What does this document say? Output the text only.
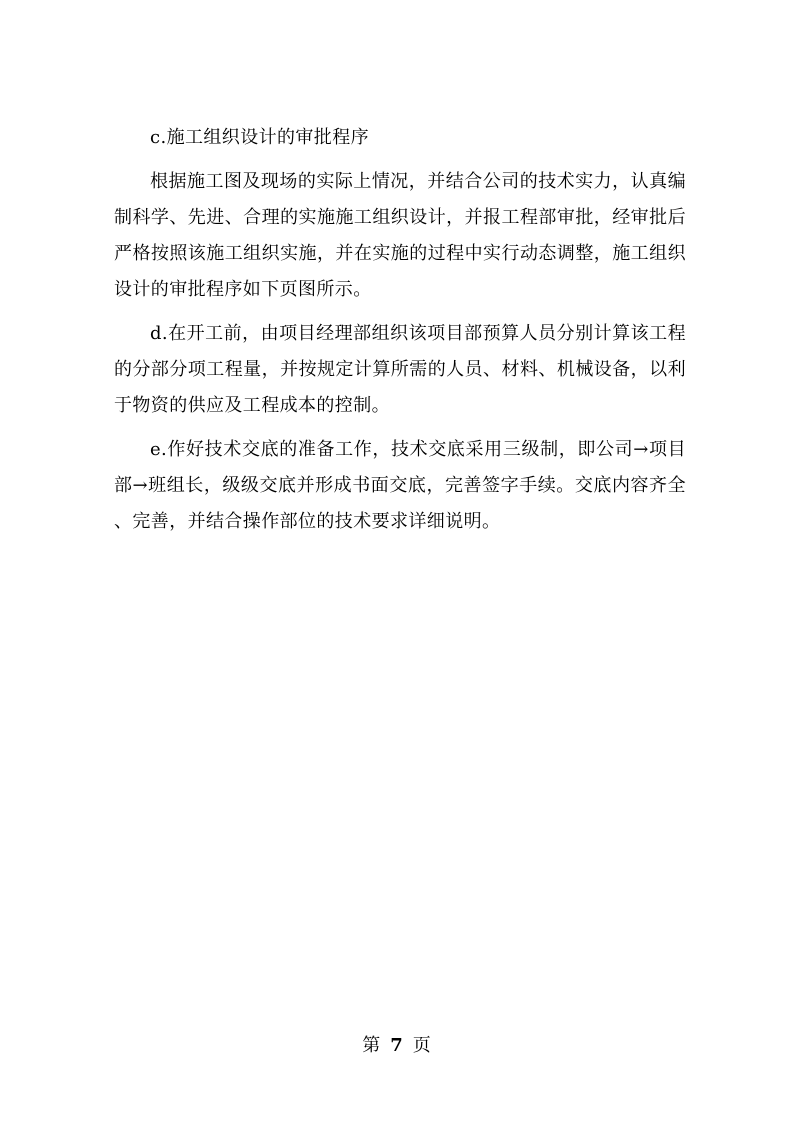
c.施工组织设计的审批程序

根据施工图及现场的实际上情况，并结合公司的技术实力，认真编制科学、先进、合理的实施施工组织设计，并报工程部审批，经审批后严格按照该施工组织实施，并在实施的过程中实行动态调整，施工组织设计的审批程序如下页图所示。

d.在开工前，由项目经理部组织该项目部预算人员分别计算该工程的分部分项工程量，并按规定计算所需的人员、材料、机械设备，以利于物资的供应及工程成本的控制。

e.作好技术交底的准备工作，技术交底采用三级制，即公司→项目部→班组长，级级交底并形成书面交底，完善签字手续。交底内容齐全、完善，并结合操作部位的技术要求详细说明。

第 7 页
